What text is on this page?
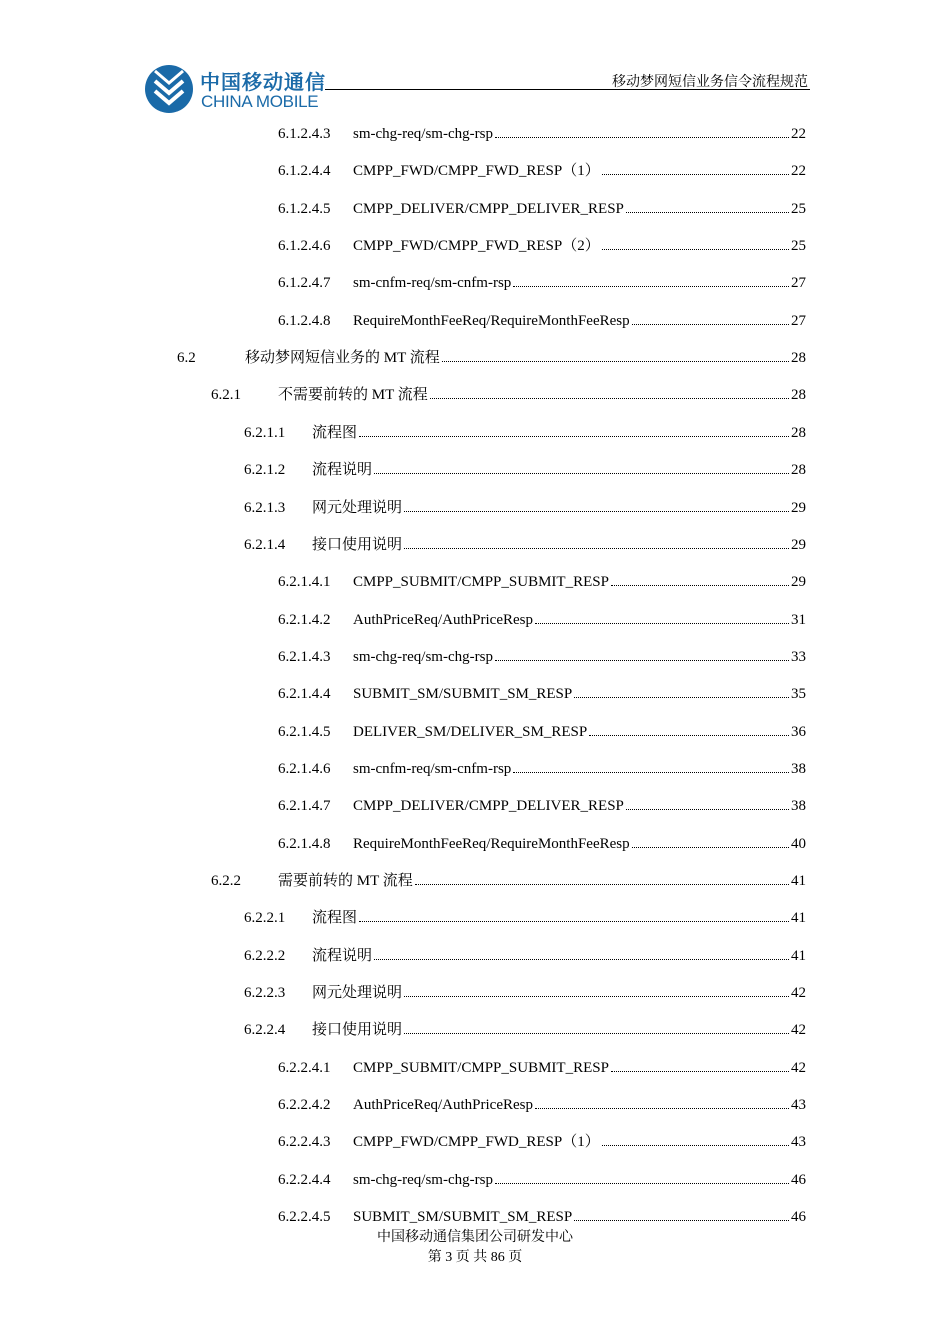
中国移动通信
CHINA MOBILE
移动梦网短信业务信令流程规范
6.1.2.4.3	sm-chg-req/sm-chg-rsp	22
6.1.2.4.4	CMPP_FWD/CMPP_FWD_RESP（1）	22
6.1.2.4.5	CMPP_DELIVER/CMPP_DELIVER_RESP	25
6.1.2.4.6	CMPP_FWD/CMPP_FWD_RESP（2）	25
6.1.2.4.7	sm-cnfm-req/sm-cnfm-rsp	27
6.1.2.4.8	RequireMonthFeeReq/RequireMonthFeeResp	27
6.2	移动梦网短信业务的 MT 流程	28
6.2.1	不需要前转的 MT 流程	28
6.2.1.1	流程图	28
6.2.1.2	流程说明	28
6.2.1.3	网元处理说明	29
6.2.1.4	接口使用说明	29
6.2.1.4.1	CMPP_SUBMIT/CMPP_SUBMIT_RESP	29
6.2.1.4.2	AuthPriceReq/AuthPriceResp	31
6.2.1.4.3	sm-chg-req/sm-chg-rsp	33
6.2.1.4.4	SUBMIT_SM/SUBMIT_SM_RESP	35
6.2.1.4.5	DELIVER_SM/DELIVER_SM_RESP	36
6.2.1.4.6	sm-cnfm-req/sm-cnfm-rsp	38
6.2.1.4.7	CMPP_DELIVER/CMPP_DELIVER_RESP	38
6.2.1.4.8	RequireMonthFeeReq/RequireMonthFeeResp	40
6.2.2	需要前转的 MT 流程	41
6.2.2.1	流程图	41
6.2.2.2	流程说明	41
6.2.2.3	网元处理说明	42
6.2.2.4	接口使用说明	42
6.2.2.4.1	CMPP_SUBMIT/CMPP_SUBMIT_RESP	42
6.2.2.4.2	AuthPriceReq/AuthPriceResp	43
6.2.2.4.3	CMPP_FWD/CMPP_FWD_RESP（1）	43
6.2.2.4.4	sm-chg-req/sm-chg-rsp	46
6.2.2.4.5	SUBMIT_SM/SUBMIT_SM_RESP	46
中国移动通信集团公司研发中心
第 3 页 共 86 页
